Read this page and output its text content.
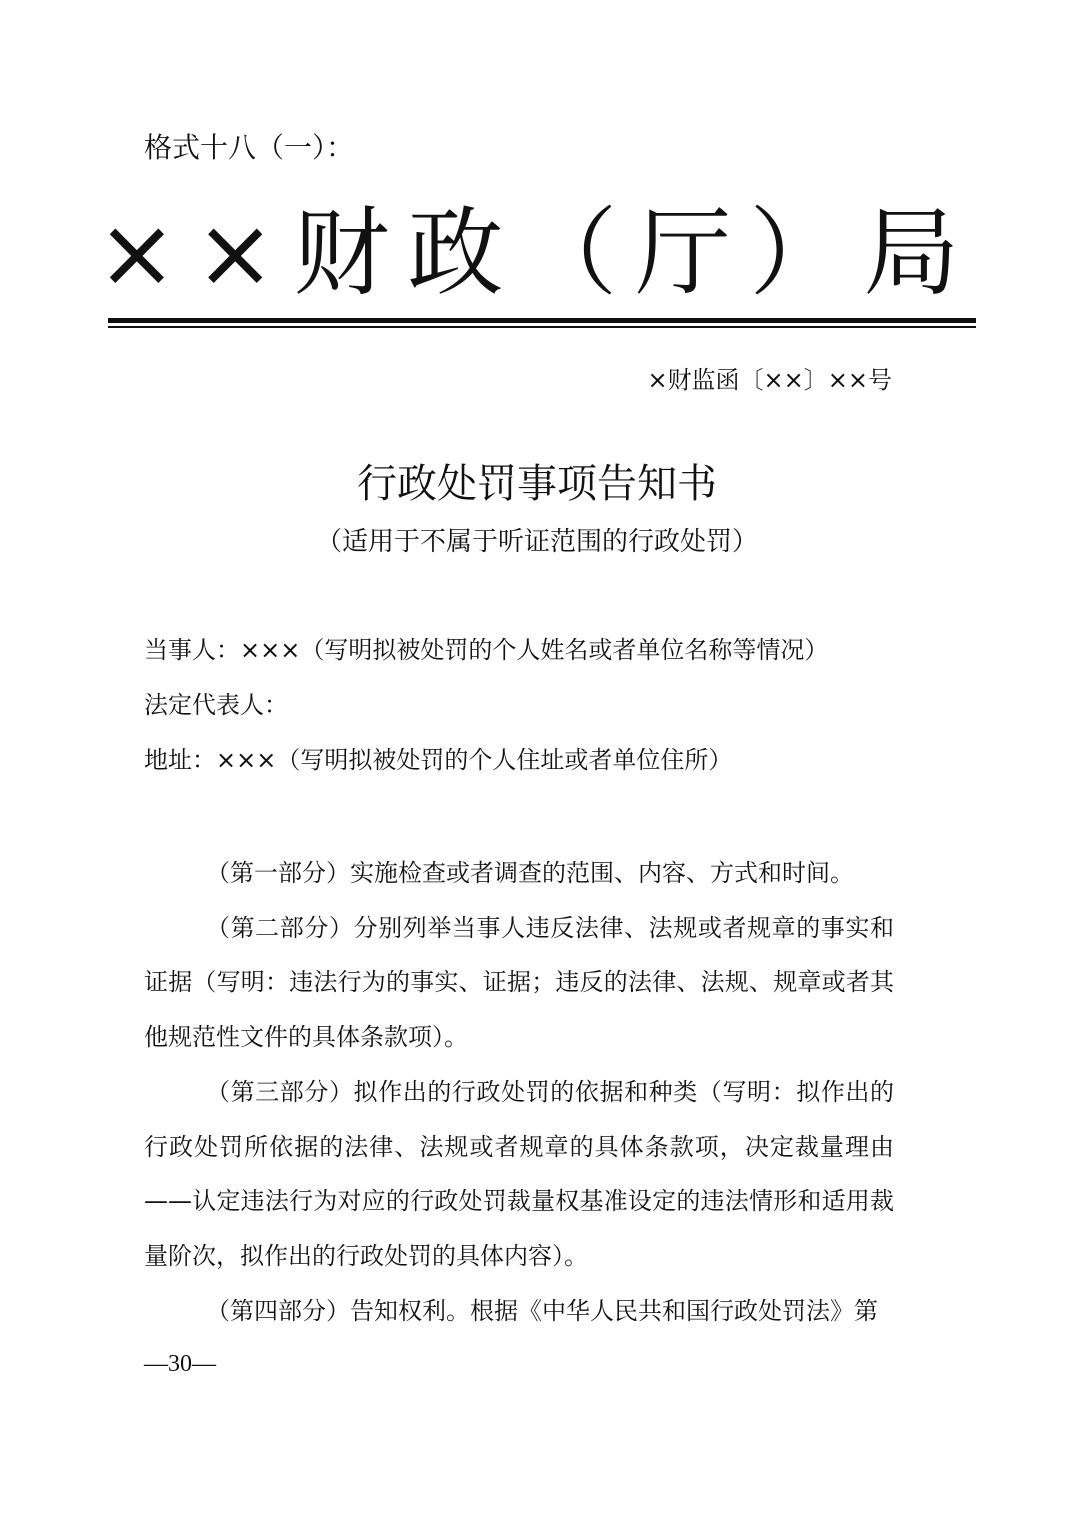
格式十八（一）：
××财政（厅）局
×财监函〔××〕××号
行政处罚事项告知书
（适用于不属于听证范围的行政处罚）
当事人：×××（写明拟被处罚的个人姓名或者单位名称等情况）
法定代表人：
地址：×××（写明拟被处罚的个人住址或者单位住所）

（第一部分）实施检查或者调查的范围、内容、方式和时间。

（第二部分）分别列举当事人违反法律、法规或者规章的事实和证据（写明：违法行为的事实、证据；违反的法律、法规、规章或者其他规范性文件的具体条款项）。

（第三部分）拟作出的行政处罚的依据和种类（写明：拟作出的行政处罚所依据的法律、法规或者规章的具体条款项，决定裁量理由——认定违法行为对应的行政处罚裁量权基准设定的违法情形和适用裁量阶次，拟作出的行政处罚的具体内容）。

（第四部分）告知权利。根据《中华人民共和国行政处罚法》第

—30—
